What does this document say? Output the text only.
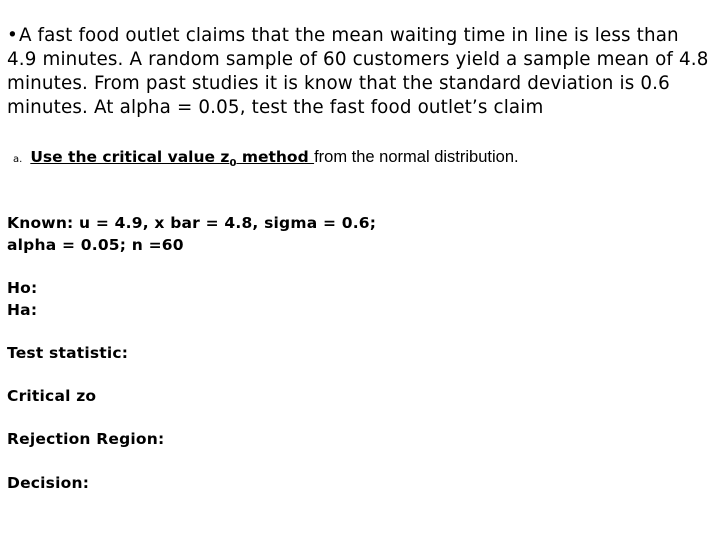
•A fast food outlet claims that the mean waiting time in line is less than 4.9 minutes. A random sample of 60 customers yield a sample mean of 4.8 minutes. From past studies it is know that the standard deviation is 0.6 minutes. At alpha = 0.05, test the fast food outlet’s claim
a. Use the critical value $z_0$ method from the normal distribution.
Known: u = 4.9, x bar = 4.8, sigma = 0.6;
alpha = 0.05; n =60
Ho:
Ha:
Test statistic:
Critical zo
Rejection Region:
Decision:
